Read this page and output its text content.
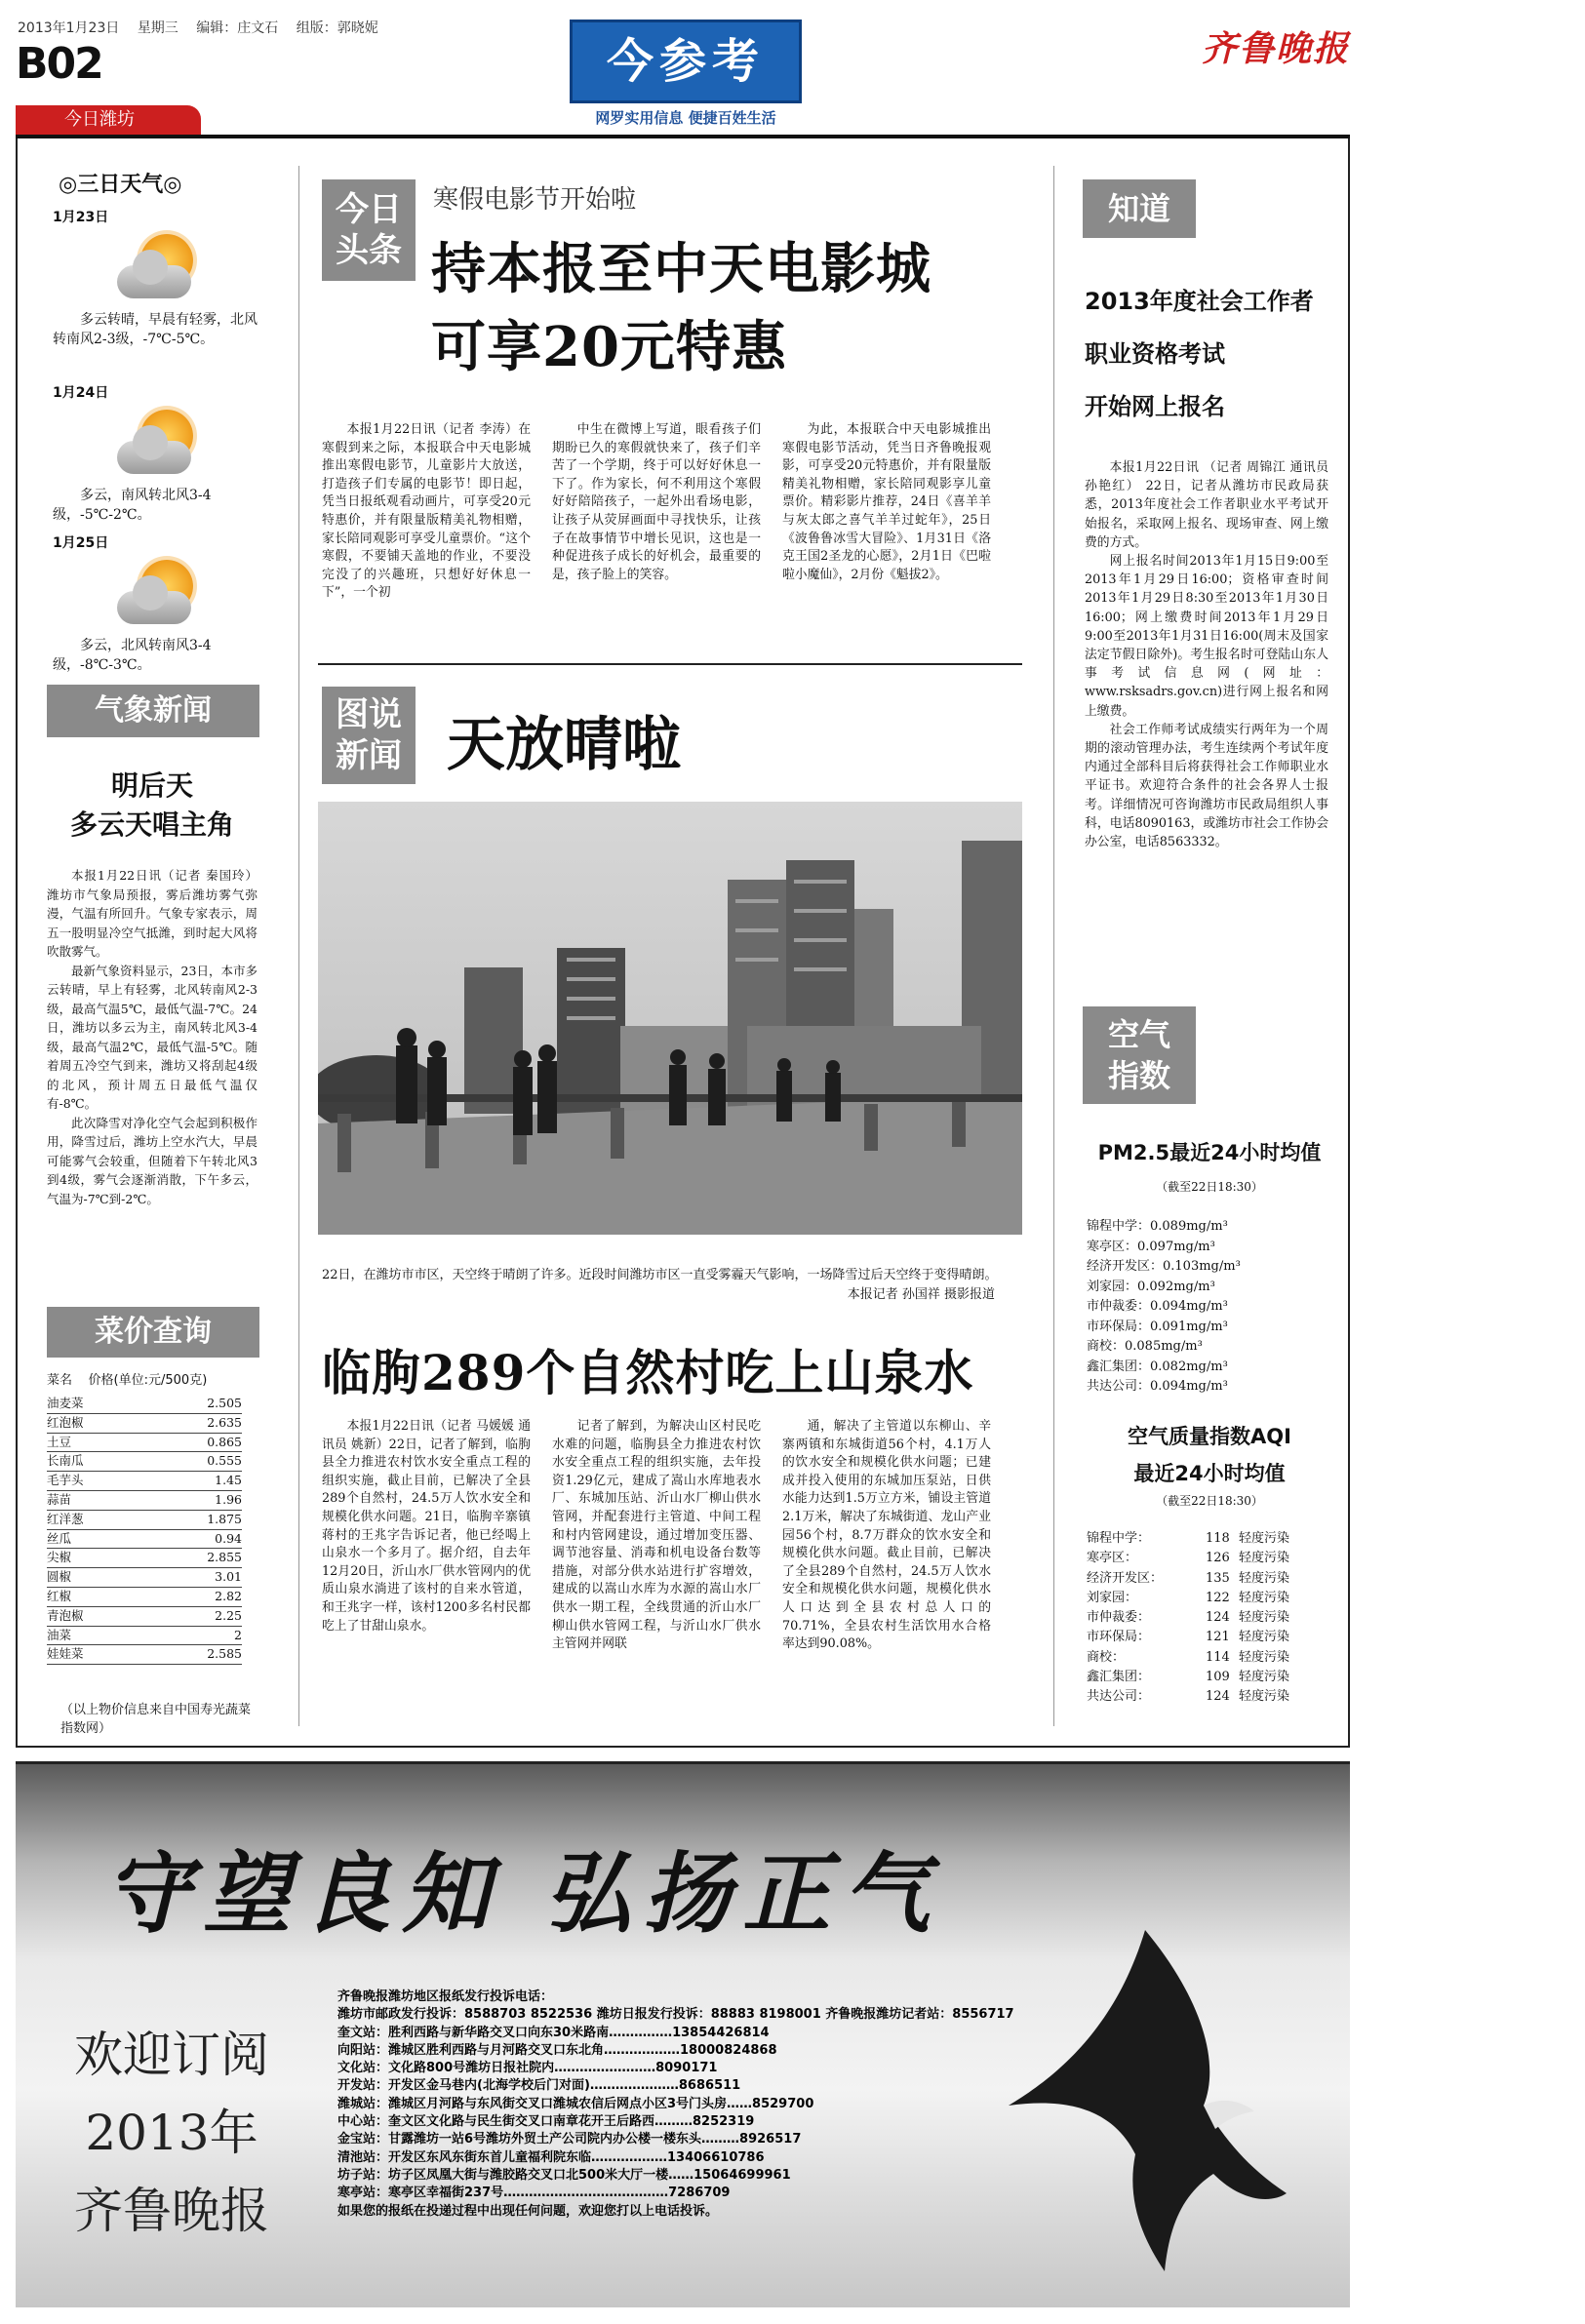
2013年1月23日 星期三 编辑：庄文石 组版：郭晓妮
B02
今日潍坊
今参考
网罗实用信息 便捷百姓生活
齐鲁晚报
◎三日天气◎
1月23日
多云转晴，早晨有轻雾，北风转南风2-3级，-7℃-5℃。
1月24日
多云，南风转北风3-4级，-5℃-2℃。
1月25日
多云，北风转南风3-4级，-8℃-3℃。
气象新闻
明后天
多云天唱主角

本报1月22日讯（记者 秦国玲） 潍坊市气象局预报，雾后潍坊雾气弥漫，气温有所回升。气象专家表示，周五一股明显冷空气抵潍，到时起大风将吹散雾气。

最新气象资料显示，23日，本市多云转晴，早上有轻雾，北风转南风2-3级，最高气温5℃，最低气温-7℃。24日，潍坊以多云为主，南风转北风3-4级，最高气温2℃，最低气温-5℃。随着周五冷空气到来，潍坊又将刮起4级的北风，预计周五日最低气温仅有-8℃。

此次降雪对净化空气会起到积极作用，降雪过后，潍坊上空水汽大，早晨可能雾气会较重，但随着下午转北风3到4级，雾气会逐渐消散，下午多云，气温为-7℃到-2℃。

菜价查询
菜名 价格(单位:元/500克)
油麦菜	2.505
红泡椒	2.635
土豆	0.865
长南瓜	0.555
毛芋头	1.45
蒜苗	1.96
红洋葱	1.875
丝瓜	0.94
尖椒	2.855
圆椒	3.01
红椒	2.82
青泡椒	2.25
油菜	2
娃娃菜	2.585
（以上物价信息来自中国寿光蔬菜指数网）
今日头条
寒假电影节开始啦
持本报至中天电影城
可享20元特惠

本报1月22日讯（记者 李涛）在寒假到来之际，本报联合中天电影城推出寒假电影节，儿童影片大放送，打造孩子们专属的电影节！即日起，凭当日报纸观看动画片，可享受20元特惠价，并有限量版精美礼物相赠，家长陪同观影可享受儿童票价。“这个寒假，不要铺天盖地的作业，不要没完没了的兴趣班，只想好好休息一下”，一个初

中生在微博上写道，眼看孩子们期盼已久的寒假就快来了，孩子们辛苦了一个学期，终于可以好好休息一下了。作为家长，何不利用这个寒假好好陪陪孩子，一起外出看场电影，让孩子从荧屏画面中寻找快乐，让孩子在故事情节中增长见识，这也是一种促进孩子成长的好机会，最重要的是，孩子脸上的笑容。

为此，本报联合中天电影城推出寒假电影节活动，凭当日齐鲁晚报观影，可享受20元特惠价，并有限量版精美礼物相赠，家长陪同观影享儿童票价。精彩影片推荐，24日《喜羊羊与灰太郎之喜气羊羊过蛇年》，25日《波鲁鲁冰雪大冒险》、1月31日《洛克王国2圣龙的心愿》，2月1日《巴啦啦小魔仙》，2月份《魁拔2》。

图说新闻 天放晴啦
22日，在潍坊市市区，天空终于晴朗了许多。近段时间潍坊市区一直受雾霾天气影响，一场降雪过后天空终于变得晴朗。
本报记者 孙国祥 摄影报道
临朐289个自然村吃上山泉水

本报1月22日讯（记者 马媛媛 通讯员 姚新）22日，记者了解到，临朐县全力推进农村饮水安全重点工程的组织实施，截止目前，已解决了全县289个自然村，24.5万人饮水安全和规模化供水问题。21日，临朐辛寨镇蒋村的王兆字告诉记者，他已经喝上山泉水一个多月了。据介绍，自去年12月20日，沂山水厂供水管网内的优质山泉水淌进了该村的自来水管道，和王兆字一样，该村1200多名村民都吃上了甘甜山泉水。

记者了解到，为解决山区村民吃水难的问题，临朐县全力推进农村饮水安全重点工程的组织实施，去年投资1.29亿元，建成了嵩山水库地表水厂、东城加压站、沂山水厂柳山供水管网，并配套进行主管道、中间工程和村内管网建设，通过增加变压器、调节池容量、消毒和机电设备台数等措施，对部分供水站进行扩容增效，建成的以嵩山水库为水源的嵩山水厂供水一期工程，全线贯通的沂山水厂柳山供水管网工程，与沂山水厂供水主管网并网联

通，解决了主管道以东柳山、辛寨两镇和东城街道56个村，4.1万人的饮水安全和规模化供水问题；已建成并投入使用的东城加压泵站，日供水能力达到1.5万立方米，铺设主管道2.1万米，解决了东城街道、龙山产业园56个村，8.7万群众的饮水安全和规模化供水问题。截止目前，已解决了全县289个自然村，24.5万人饮水安全和规模化供水问题，规模化供水人口达到全县农村总人口的70.71%，全县农村生活饮用水合格率达到90.08%。

知道
2013年度社会工作者
职业资格考试
开始网上报名

本报1月22日讯 （记者 周锦江 通讯员 孙艳红） 22日，记者从潍坊市民政局获悉，2013年度社会工作者职业水平考试开始报名，采取网上报名、现场审查、网上缴费的方式。

网上报名时间2013年1月15日9:00至2013年1月29日16:00；资格审查时间2013年1月29日8:30至2013年1月30日16:00；网上缴费时间2013年1月29日9:00至2013年1月31日16:00(周末及国家法定节假日除外)。考生报名时可登陆山东人事考试信息网(网址：www.rsksadrs.gov.cn)进行网上报名和网上缴费。

社会工作师考试成绩实行两年为一个周期的滚动管理办法，考生连续两个考试年度内通过全部科目后将获得社会工作师职业水平证书。欢迎符合条件的社会各界人士报考。详细情况可咨询潍坊市民政局组织人事科，电话8090163，或潍坊市社会工作协会办公室，电话8563332。

空气指数
PM2.5最近24小时均值
（截至22日18:30）
锦程中学：0.089mg/m³
寒亭区：0.097mg/m³
经济开发区：0.103mg/m³
刘家园：0.092mg/m³
市仲裁委：0.094mg/m³
市环保局：0.091mg/m³
商校：0.085mg/m³
鑫汇集团：0.082mg/m³
共达公司：0.094mg/m³
空气质量指数AQI
最近24小时均值
（截至22日18:30）
锦程中学：	118 轻度污染
寒亭区：	126 轻度污染
经济开发区：	135 轻度污染
刘家园：	122 轻度污染
市仲裁委：	124 轻度污染
市环保局：	121 轻度污染
商校：	114 轻度污染
鑫汇集团：	109 轻度污染
共达公司：	124 轻度污染
守望良知 弘扬正气
欢迎订阅
2013年
齐鲁晚报
齐鲁晚报潍坊地区报纸发行投诉电话：
潍坊市邮政发行投诉：8588703 8522536 潍坊日报发行投诉：88883 8198001 齐鲁晚报潍坊记者站：8556717
奎文站：胜利西路与新华路交叉口向东30米路南……………13854426814
向阳站：潍城区胜利西路与月河路交叉口东北角………………18000824868
文化站：文化路800号潍坊日报社院内……………………8090171
开发站：开发区金马巷内(北海学校后门对面)…………………8686511
潍城站：潍城区月河路与东风街交叉口潍城农信后网点小区3号门头房……8529700
中心站：奎文区文化路与民生街交叉口南章花开王后路西………8252319
金宝站：甘露潍坊一站6号潍坊外贸土产公司院内办公楼一楼东头………8926517
清池站：开发区东风东街东首儿童福利院东临………………13406610786
坊子站：坊子区凤凰大街与潍胶路交叉口北500米大厅一楼……15064699961
寒亭站：寒亭区幸福街237号…………………………………7286709
如果您的报纸在投递过程中出现任何问题，欢迎您打以上电话投诉。
